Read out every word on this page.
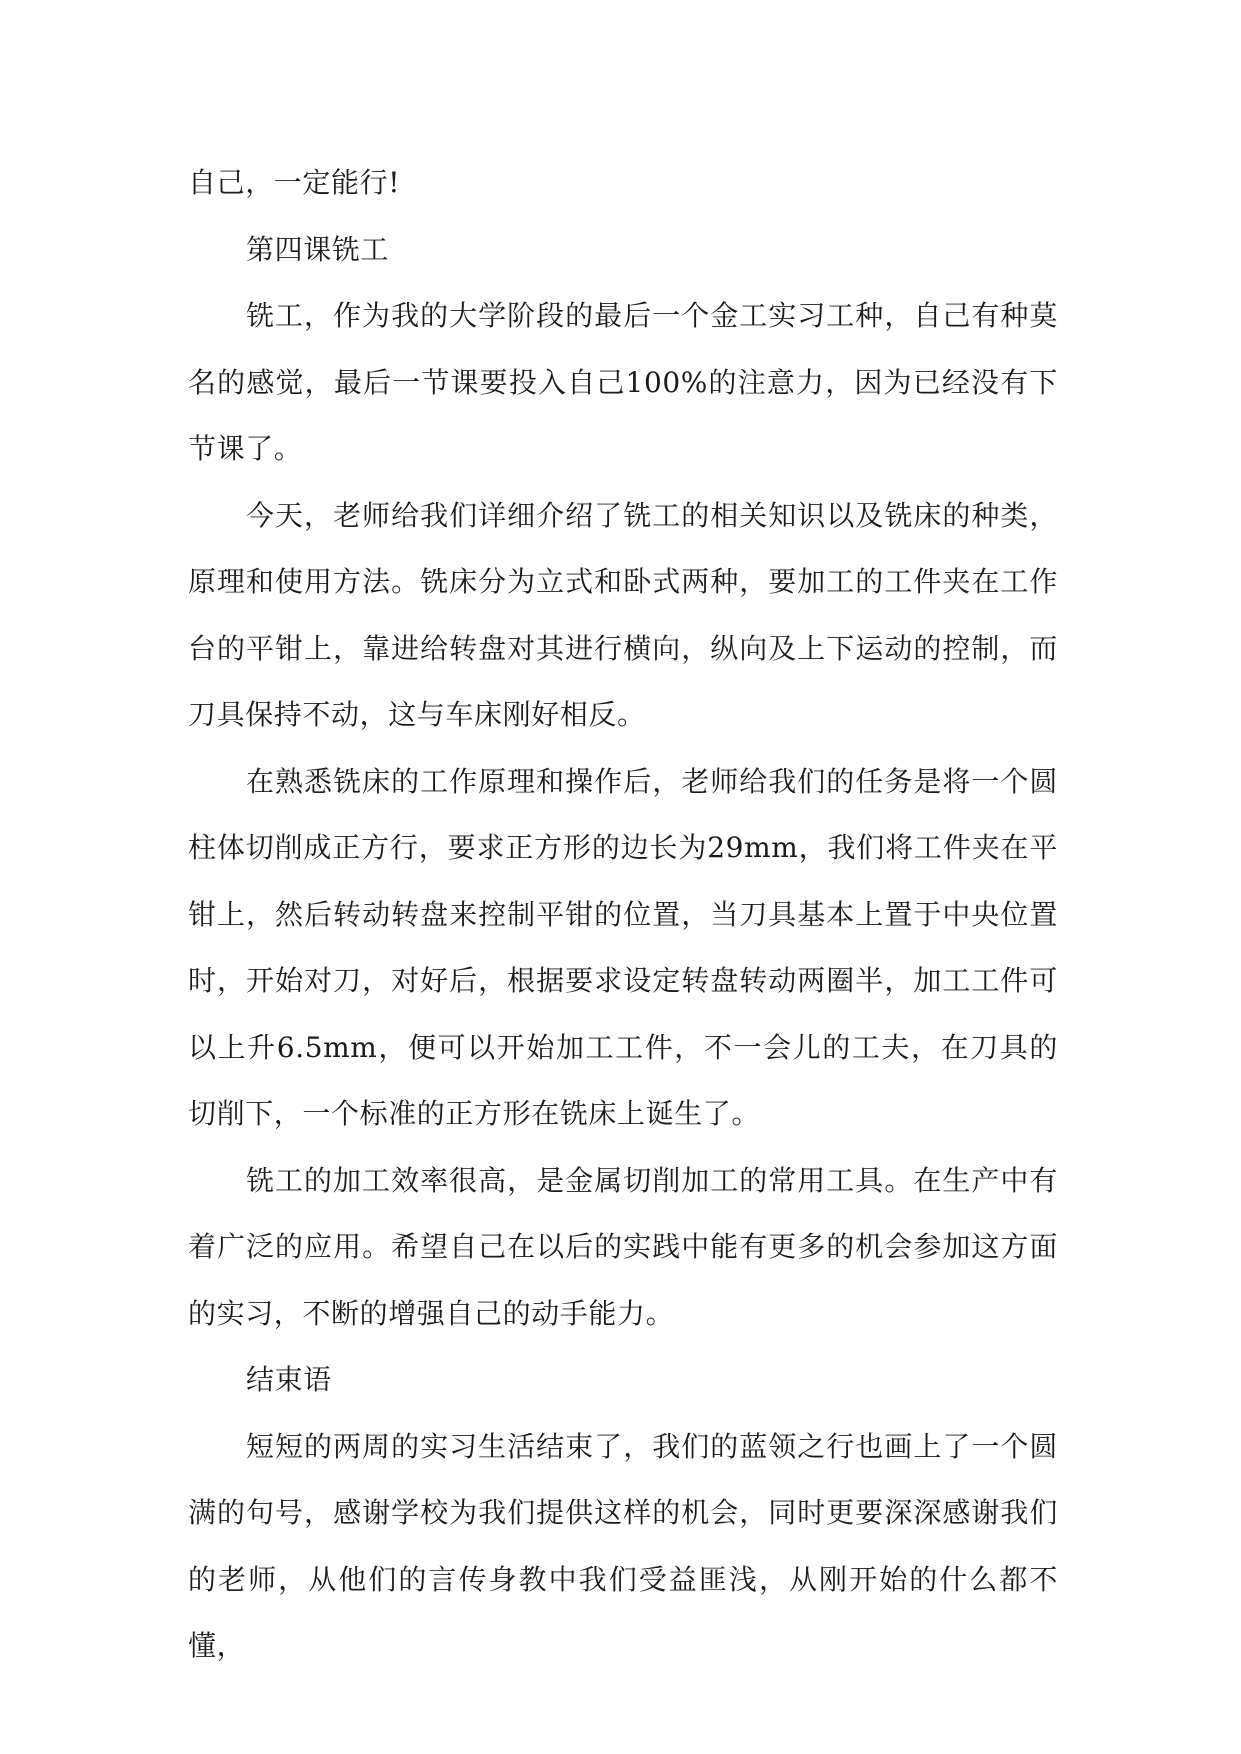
自己，一定能行!

第四课铣工

铣工，作为我的大学阶段的最后一个金工实习工种，自己有种莫名的感觉，最后一节课要投入自己100%的注意力，因为已经没有下节课了。

今天，老师给我们详细介绍了铣工的相关知识以及铣床的种类，原理和使用方法。铣床分为立式和卧式两种，要加工的工件夹在工作台的平钳上，靠进给转盘对其进行横向，纵向及上下运动的控制，而刀具保持不动，这与车床刚好相反。

在熟悉铣床的工作原理和操作后，老师给我们的任务是将一个圆柱体切削成正方行，要求正方形的边长为29mm，我们将工件夹在平钳上，然后转动转盘来控制平钳的位置，当刀具基本上置于中央位置时，开始对刀，对好后，根据要求设定转盘转动两圈半，加工工件可以上升6.5mm，便可以开始加工工件，不一会儿的工夫，在刀具的切削下，一个标准的正方形在铣床上诞生了。

铣工的加工效率很高，是金属切削加工的常用工具。在生产中有着广泛的应用。希望自己在以后的实践中能有更多的机会参加这方面的实习，不断的增强自己的动手能力。

结束语

短短的两周的实习生活结束了，我们的蓝领之行也画上了一个圆满的句号，感谢学校为我们提供这样的机会，同时更要深深感谢我们的老师，从他们的言传身教中我们受益匪浅，从刚开始的什么都不懂，
